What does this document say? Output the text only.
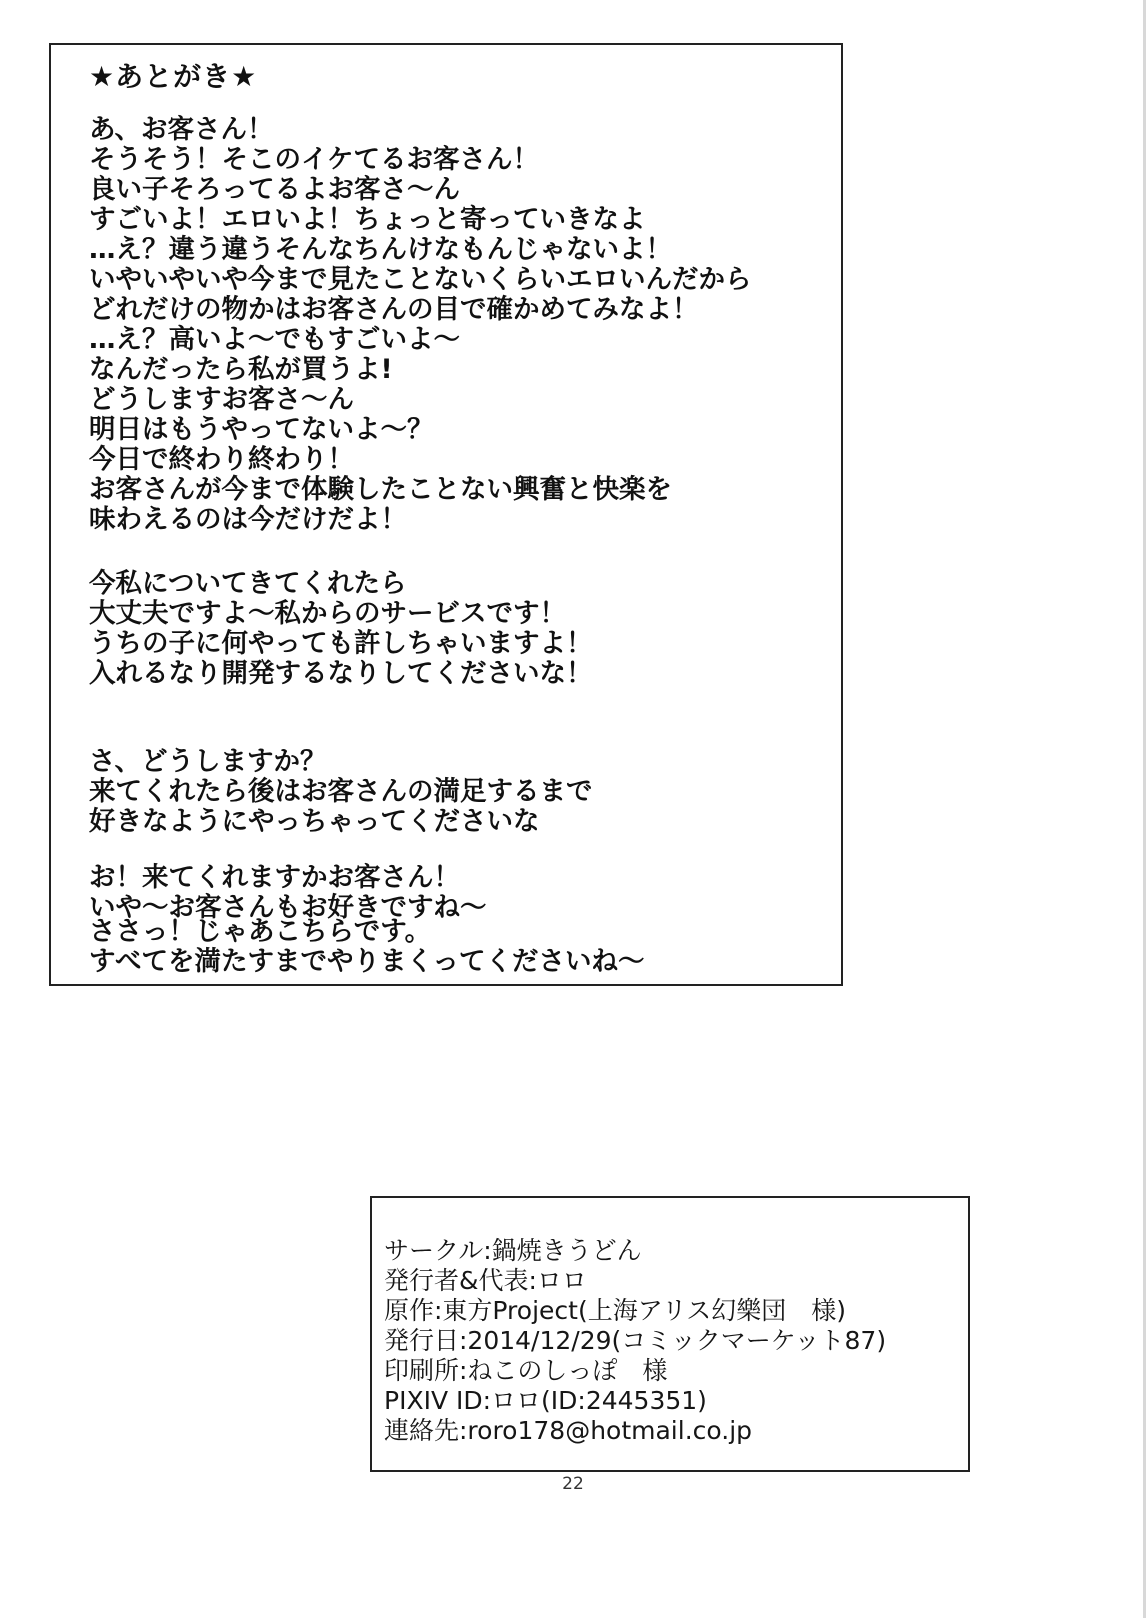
★あとがき★
あ、お客さん！
そうそう！そこのイケてるお客さん！
良い子そろってるよお客さ～ん
すごいよ！エロいよ！ちょっと寄っていきなよ
…え？違う違うそんなちんけなもんじゃないよ！
いやいやいや今まで見たことないくらいエロいんだから
どれだけの物かはお客さんの目で確かめてみなよ！
…え？高いよ～でもすごいよ～
なんだったら私が買うよ!
どうしますお客さ～ん
明日はもうやってないよ～？
今日で終わり終わり！
お客さんが今まで体験したことない興奮と快楽を
味わえるのは今だけだよ！
今私についてきてくれたら
大丈夫ですよ～私からのサービスです！
うちの子に何やっても許しちゃいますよ！
入れるなり開発するなりしてくださいな！
さ、どうしますか？
来てくれたら後はお客さんの満足するまで
好きなようにやっちゃってくださいな
お！来てくれますかお客さん！
いや～お客さんもお好きですね～
ささっ！じゃあこちらです。
すべてを満たすまでやりまくってくださいね～
サークル:鍋焼きうどん
発行者&代表:ロロ
原作:東方Project(上海アリス幻樂団　様)
発行日:2014/12/29(コミックマーケット87)
印刷所:ねこのしっぽ　様
PIXIV ID:ロロ(ID:2445351)
連絡先:roro178@hotmail.co.jp
22
